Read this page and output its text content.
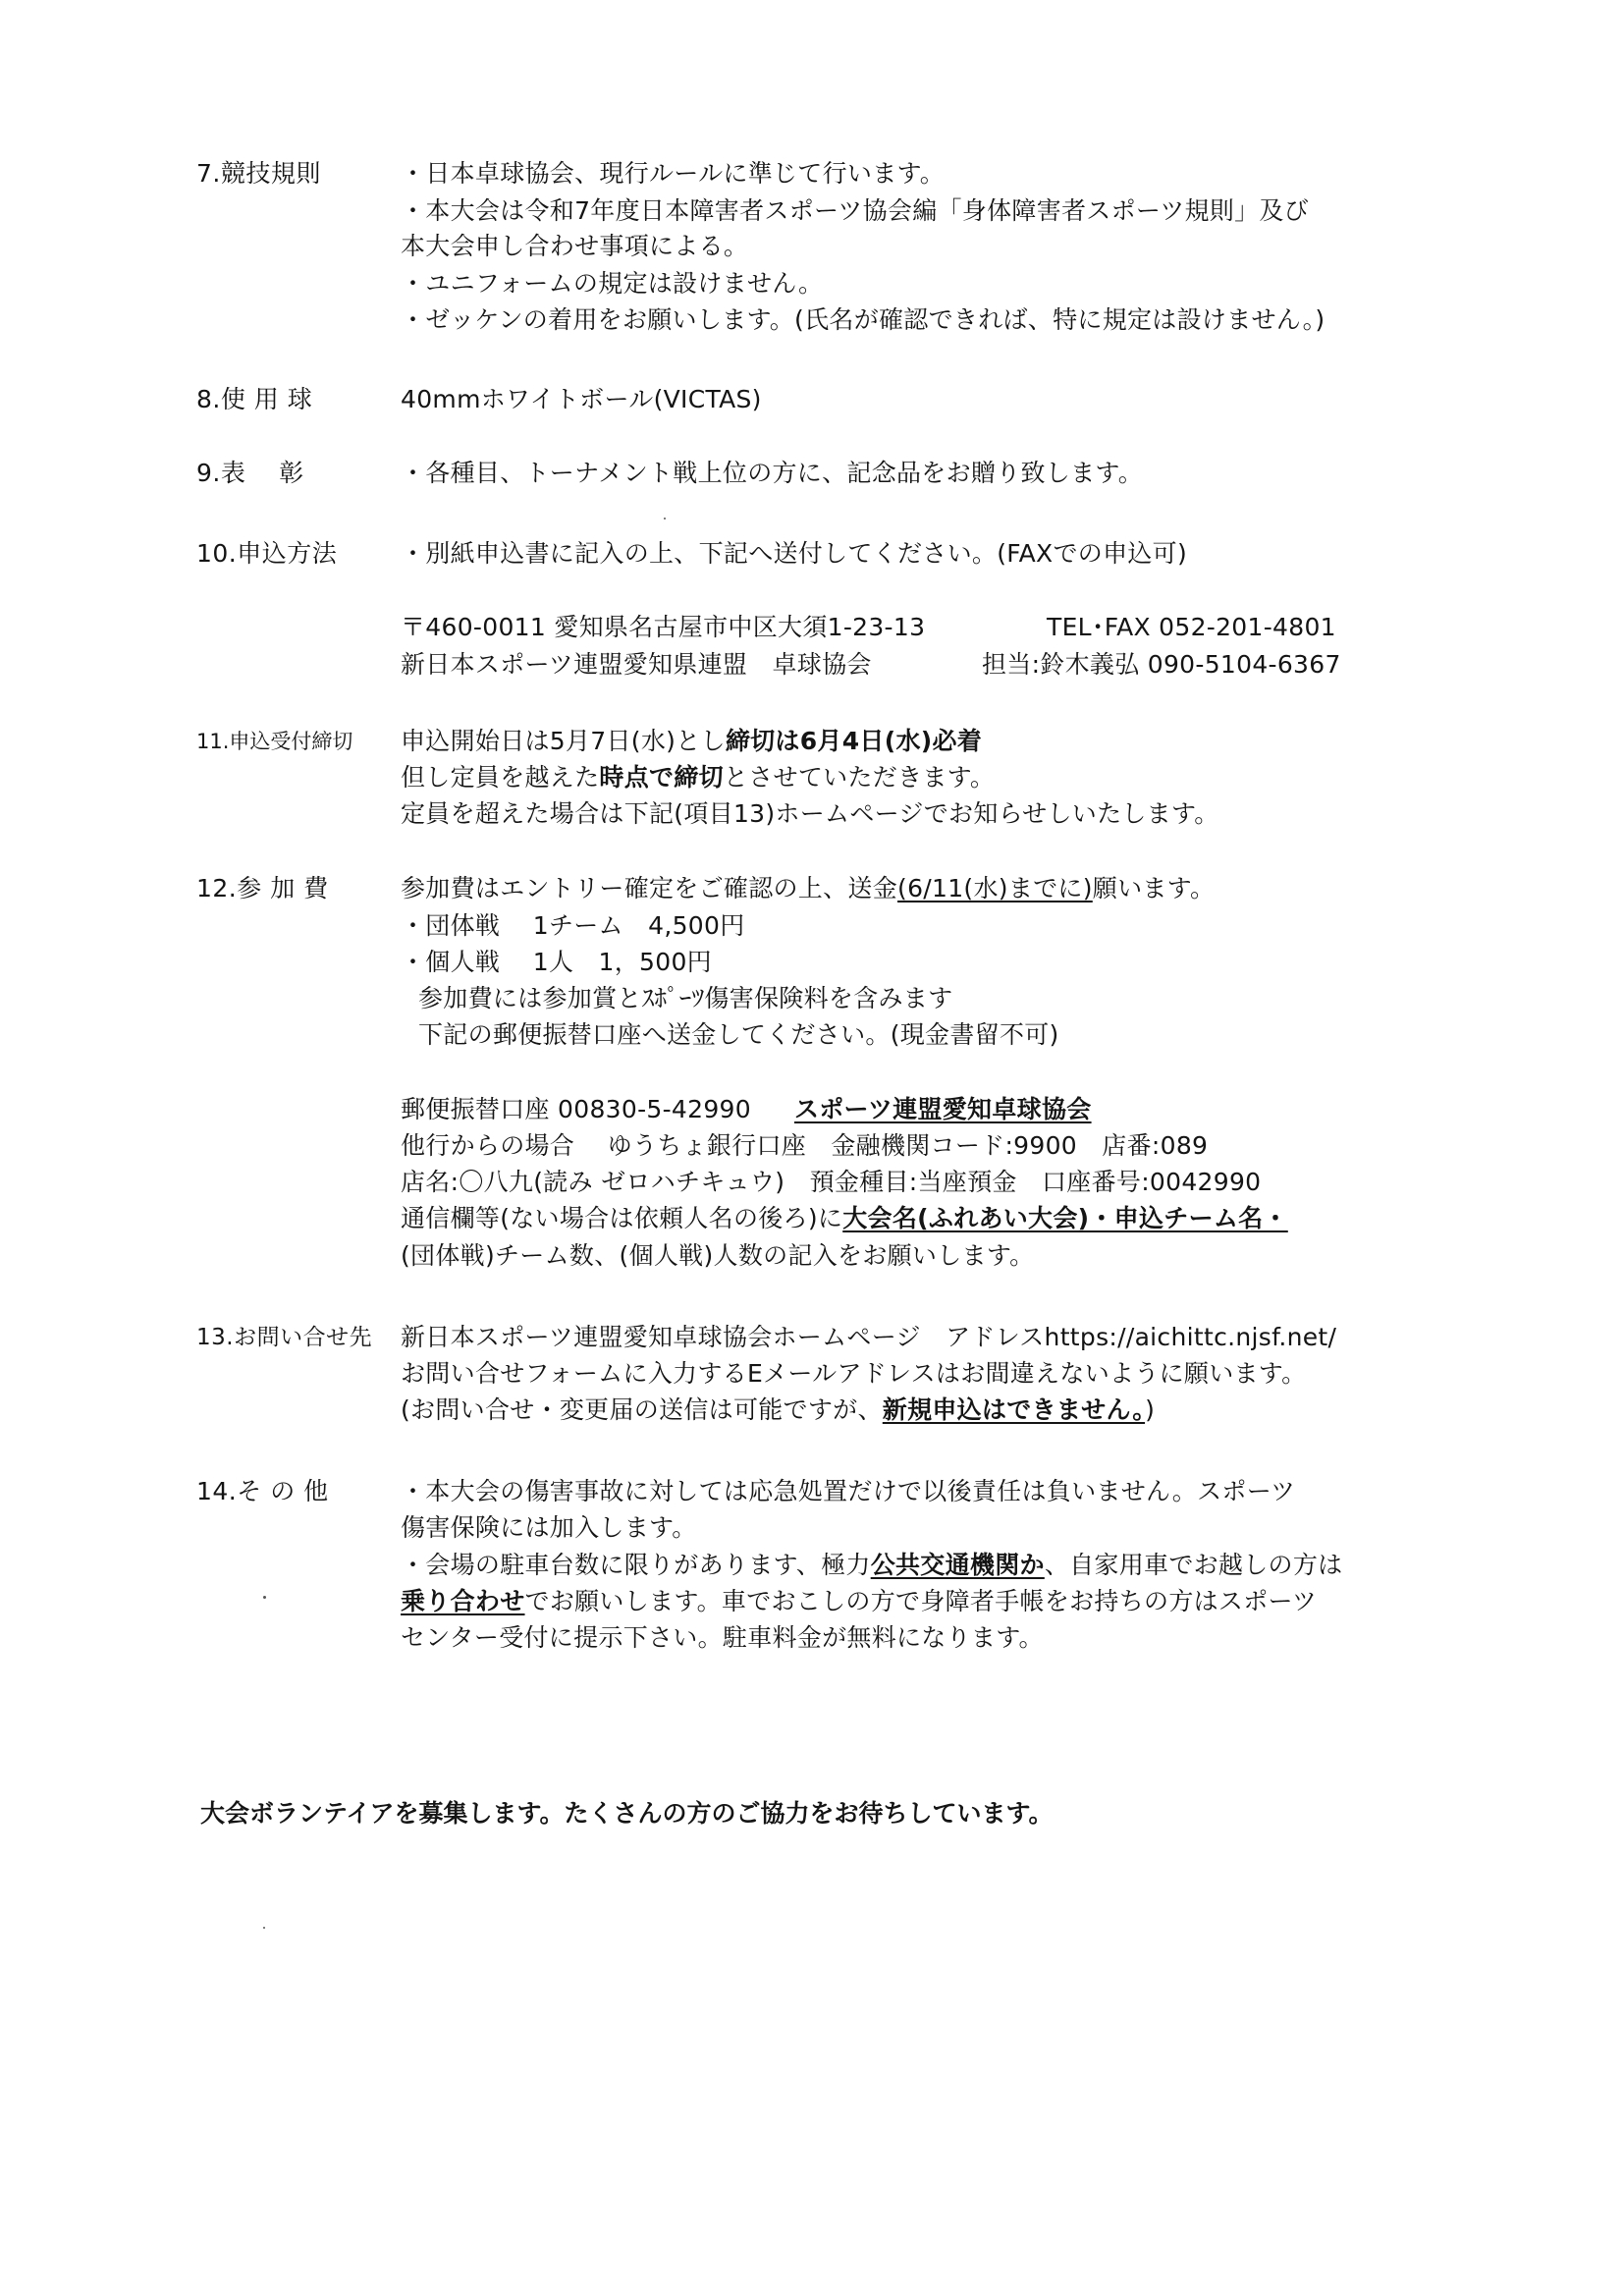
7.競技規則	・日本卓球協会、現行ルールに準じて行います。
・本大会は令和7年度日本障害者スポーツ協会編「身体障害者スポーツ規則」及び
本大会申し合わせ事項による。
・ユニフォームの規定は設けません。
・ゼッケンの着用をお願いします。(氏名が確認できれば、特に規定は設けません。)
8.使 用 球	40mmホワイトボール(VICTAS)
9.表　 彰	・各種目、トーナメント戦上位の方に、記念品をお贈り致します。
10.申込方法	・別紙申込書に記入の上、下記へ送付してください。(FAXでの申込可)
〒460-0011 愛知県名古屋市中区大須1-23-13	TEL･FAX 052-201-4801
新日本スポーツ連盟愛知県連盟　卓球協会	担当:鈴木義弘 090-5104-6367
11.申込受付締切 申込開始日は5月7日(水)とし締切は6月4日(水)必着
但し定員を越えた時点で締切とさせていただきます。
定員を超えた場合は下記(項目13)ホームページでお知らせしいたします。
12.参 加 費	参加費はエントリー確定をご確認の上、送金(6/11(水)までに)願います。
・団体戦　 1チーム　4,500円
・個人戦　 1人　1，500円
参加費には参加賞とｽﾎﾟｰﾂ傷害保険料を含みます
下記の郵便振替口座へ送金してください。(現金書留不可)
郵便振替口座 00830-5-42990 スポーツ連盟愛知卓球協会
他行からの場合　 ゆうちょ銀行口座　金融機関コード:9900　店番:089
店名:〇八九(読み ゼロハチキュウ)　預金種目:当座預金　口座番号:0042990
通信欄等(ない場合は依頼人名の後ろ)に大会名(ふれあい大会)・申込チーム名・
(団体戦)チーム数、(個人戦)人数の記入をお願いします。
13.お問い合せ先 新日本スポーツ連盟愛知卓球協会ホームページ　アドレスhttps://aichittc.njsf.net/
お問い合せフォームに入力するEメールアドレスはお間違えないように願います。
(お問い合せ・変更届の送信は可能ですが、新規申込はできません。)
14.そ の 他	・本大会の傷害事故に対しては応急処置だけで以後責任は負いません。スポーツ
傷害保険には加入します。
・会場の駐車台数に限りがあります、極力公共交通機関か、自家用車でお越しの方は
乗り合わせでお願いします。車でおこしの方で身障者手帳をお持ちの方はスポーツ
センター受付に提示下さい。駐車料金が無料になります。
大会ボランテイアを募集します。たくさんの方のご協力をお待ちしています。
